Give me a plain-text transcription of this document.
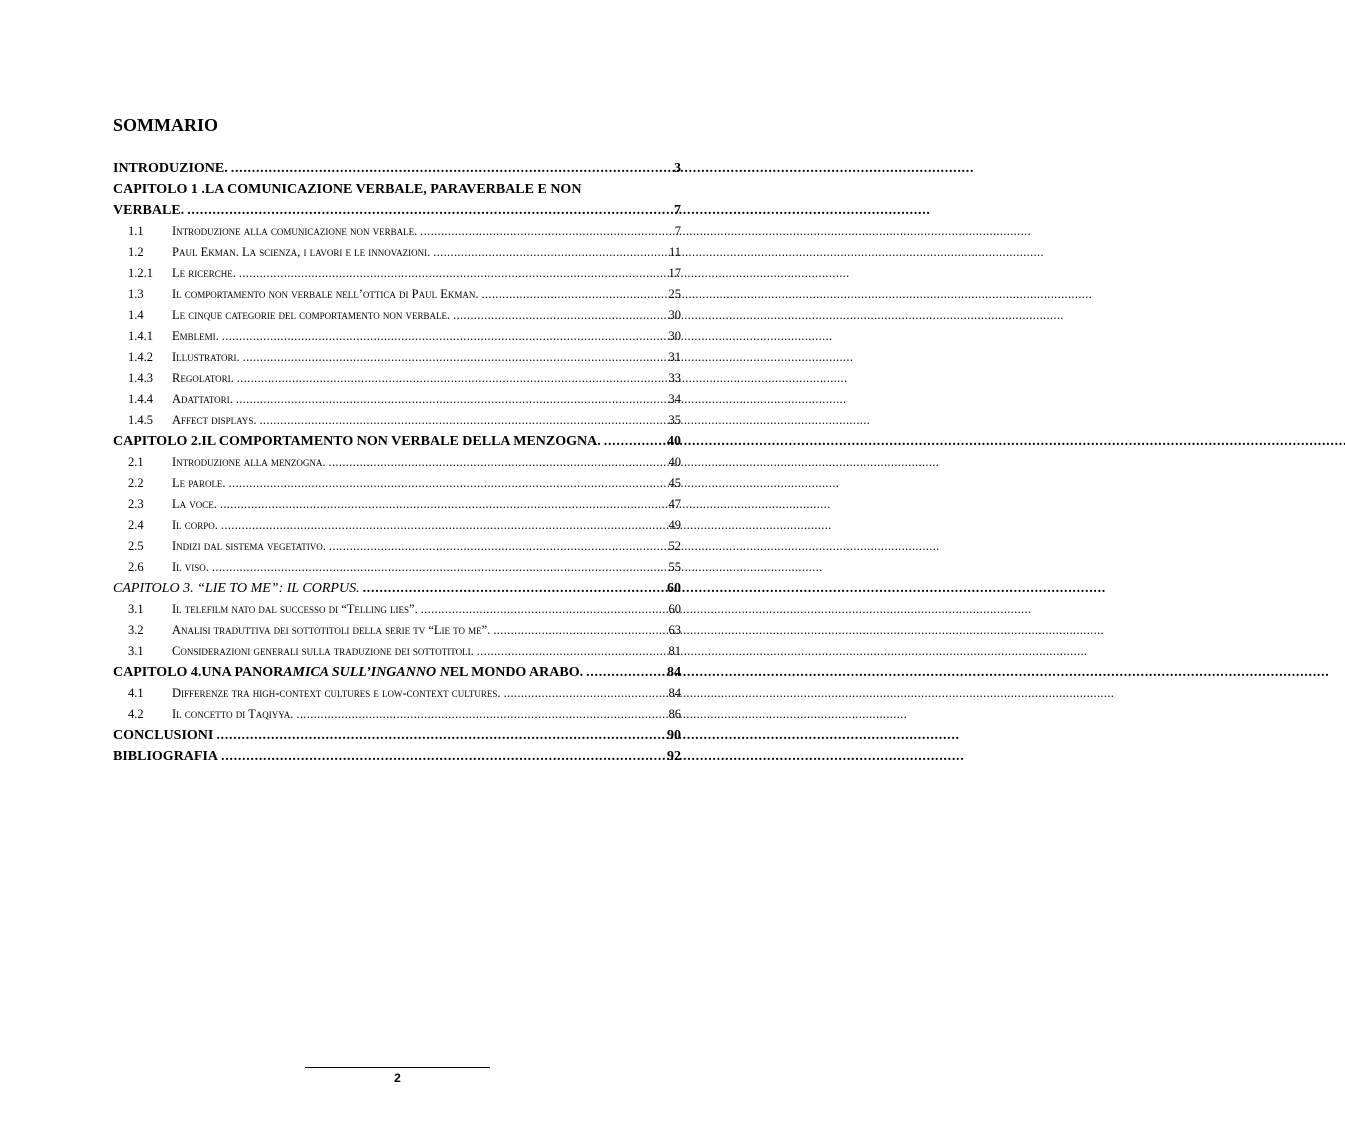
SOMMARIO
INTRODUZIONE. . . .	3
CAPITOLO 1 .LA COMUNICAZIONE VERBALE, PARAVERBALE E NON
VERBALE. . . .	7
1.1	Introduzione alla comunicazione non verbale. . . .	7
1.2	Paul Ekman. La scienza, i lavori e le innovazioni. . . .	11
1.2.1	Le ricerche. . . .	17
1.3	Il comportamento non verbale nell’ottica di Paul Ekman. . . .	25
1.4	Le cinque categorie del comportamento non verbale. . . .	30
1.4.1	Emblemi. . . .	30
1.4.2	Illustratori. . . .	31
1.4.3	Regolatori. . . .	33
1.4.4	Adattatori. . . .	34
1.4.5	Affect displays. . . .	35
CAPITOLO 2.IL COMPORTAMENTO NON VERBALE DELLA MENZOGNA. . . .	40
2.1	Introduzione alla menzogna. . . .	40
2.2	Le parole. . . .	45
2.3	La voce. . . .	47
2.4	Il corpo. . . .	49
2.5	Indizi dal sistema vegetativo. . . .	52
2.6	Il viso. . . .	55
CAPITOLO 3. “LIE TO ME”: IL CORPUS. . . .	60
3.1	Il telefilm nato dal successo di “Telling lies”. . . .	60
3.2	Analisi traduttiva dei sottotitoli della serie tv “Lie to me”. . . .	63
3.1	Considerazioni generali sulla traduzione dei sottotitoli. . . .	81
CAPITOLO 4.UNA PANORAMICA SULL’INGANNO NEL MONDO ARABO. . . .	84
4.1	Differenze tra high-context cultures e low-context cultures. . . .	84
4.2	Il concetto di Taqiyya. . . .	86
CONCLUSIONI . . .	90
BIBLIOGRAFIA . . .	92
2
